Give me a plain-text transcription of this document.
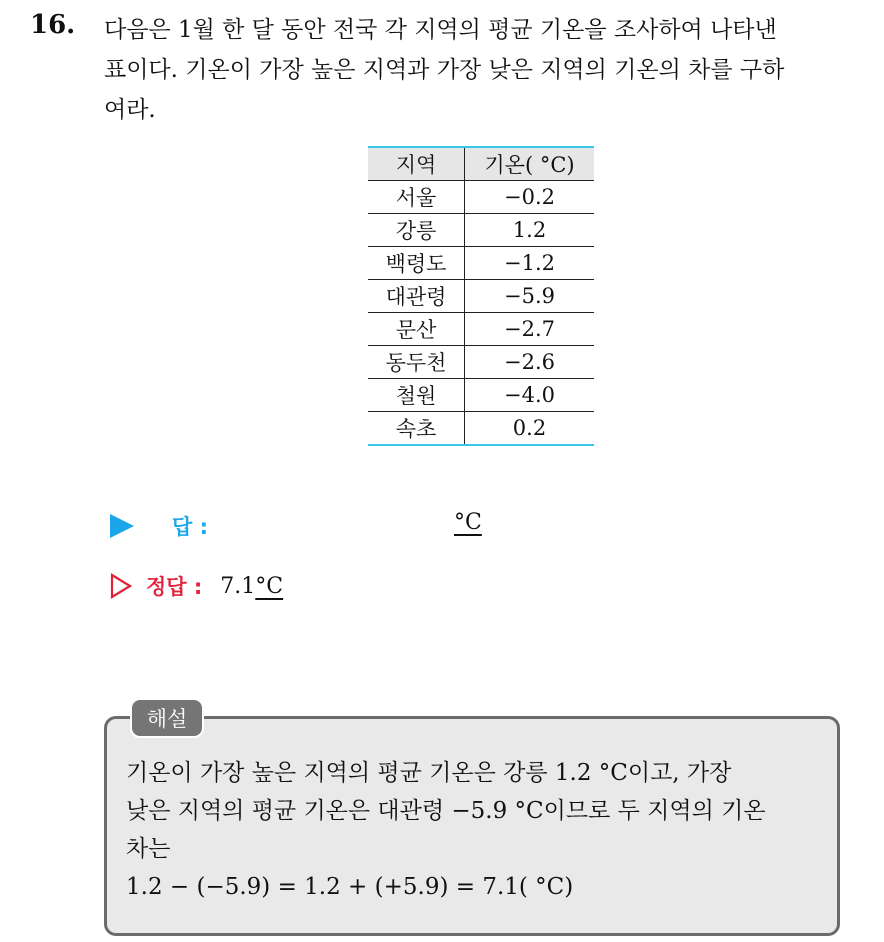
16. 다음은 1월 한 달 동안 전국 각 지역의 평균 기온을 조사하여 나타낸

표이다. 기온이 가장 높은 지역과 가장 낮은 지역의 기온의 차를 구하

여라.

지역	기온( °C)
서울	−0.2
강릉	1.2
백령도	−1.2
대관령	−5.9
문산	−2.7
동두천	−2.6
철원	−4.0
속초	0.2
답 :	°C
정답 : 7.1 °C
해설

기온이 가장 높은 지역의 평균 기온은 강릉 1.2 °C이고, 가장

낮은 지역의 평균 기온은 대관령 −5.9 °C이므로 두 지역의 기온

차는

1.2 − (−5.9) = 1.2 + (+5.9) = 7.1( °C)
